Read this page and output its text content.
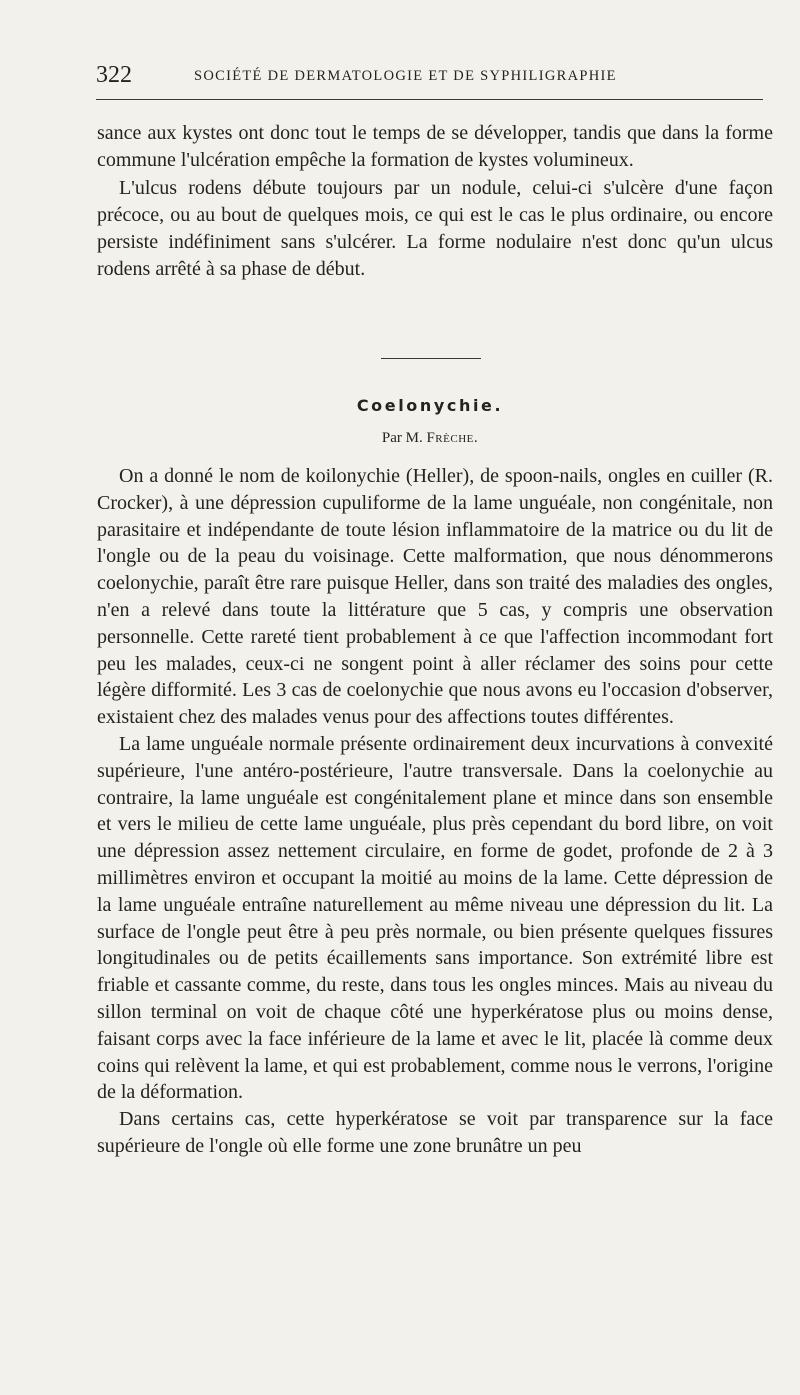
322	SOCIÉTÉ DE DERMATOLOGIE ET DE SYPHILIGRAPHIE

sance aux kystes ont donc tout le temps de se développer, tandis que dans la forme commune l'ulcération empêche la formation de kystes volumineux.

L'ulcus rodens débute toujours par un nodule, celui-ci s'ulcère d'une façon précoce, ou au bout de quelques mois, ce qui est le cas le plus ordinaire, ou encore persiste indéfiniment sans s'ulcérer. La forme nodulaire n'est donc qu'un ulcus rodens arrêté à sa phase de début.

Coelonychie.
Par M. Frèche.

On a donné le nom de koilonychie (Heller), de spoon-nails, ongles en cuiller (R. Crocker), à une dépression cupuliforme de la lame unguéale, non congénitale, non parasitaire et indépendante de toute lésion inflammatoire de la matrice ou du lit de l'ongle ou de la peau du voisinage. Cette malformation, que nous dénommerons coelonychie, paraît être rare puisque Heller, dans son traité des maladies des ongles, n'en a relevé dans toute la littérature que 5 cas, y compris une observation personnelle. Cette rareté tient probablement à ce que l'affection incommodant fort peu les malades, ceux-ci ne songent point à aller réclamer des soins pour cette légère difformité. Les 3 cas de coelonychie que nous avons eu l'occasion d'observer, existaient chez des malades venus pour des affections toutes différentes.

La lame unguéale normale présente ordinairement deux incurvations à convexité supérieure, l'une antéro-postérieure, l'autre transversale. Dans la coelonychie au contraire, la lame unguéale est congénitalement plane et mince dans son ensemble et vers le milieu de cette lame unguéale, plus près cependant du bord libre, on voit une dépression assez nettement circulaire, en forme de godet, profonde de 2 à 3 millimètres environ et occupant la moitié au moins de la lame. Cette dépression de la lame unguéale entraîne naturellement au même niveau une dépression du lit. La surface de l'ongle peut être à peu près normale, ou bien présente quelques fissures longitudinales ou de petits écaillements sans importance. Son extrémité libre est friable et cassante comme, du reste, dans tous les ongles minces. Mais au niveau du sillon terminal on voit de chaque côté une hyperkératose plus ou moins dense, faisant corps avec la face inférieure de la lame et avec le lit, placée là comme deux coins qui relèvent la lame, et qui est probablement, comme nous le verrons, l'origine de la déformation.

Dans certains cas, cette hyperkératose se voit par transparence sur la face supérieure de l'ongle où elle forme une zone brunâtre un peu
